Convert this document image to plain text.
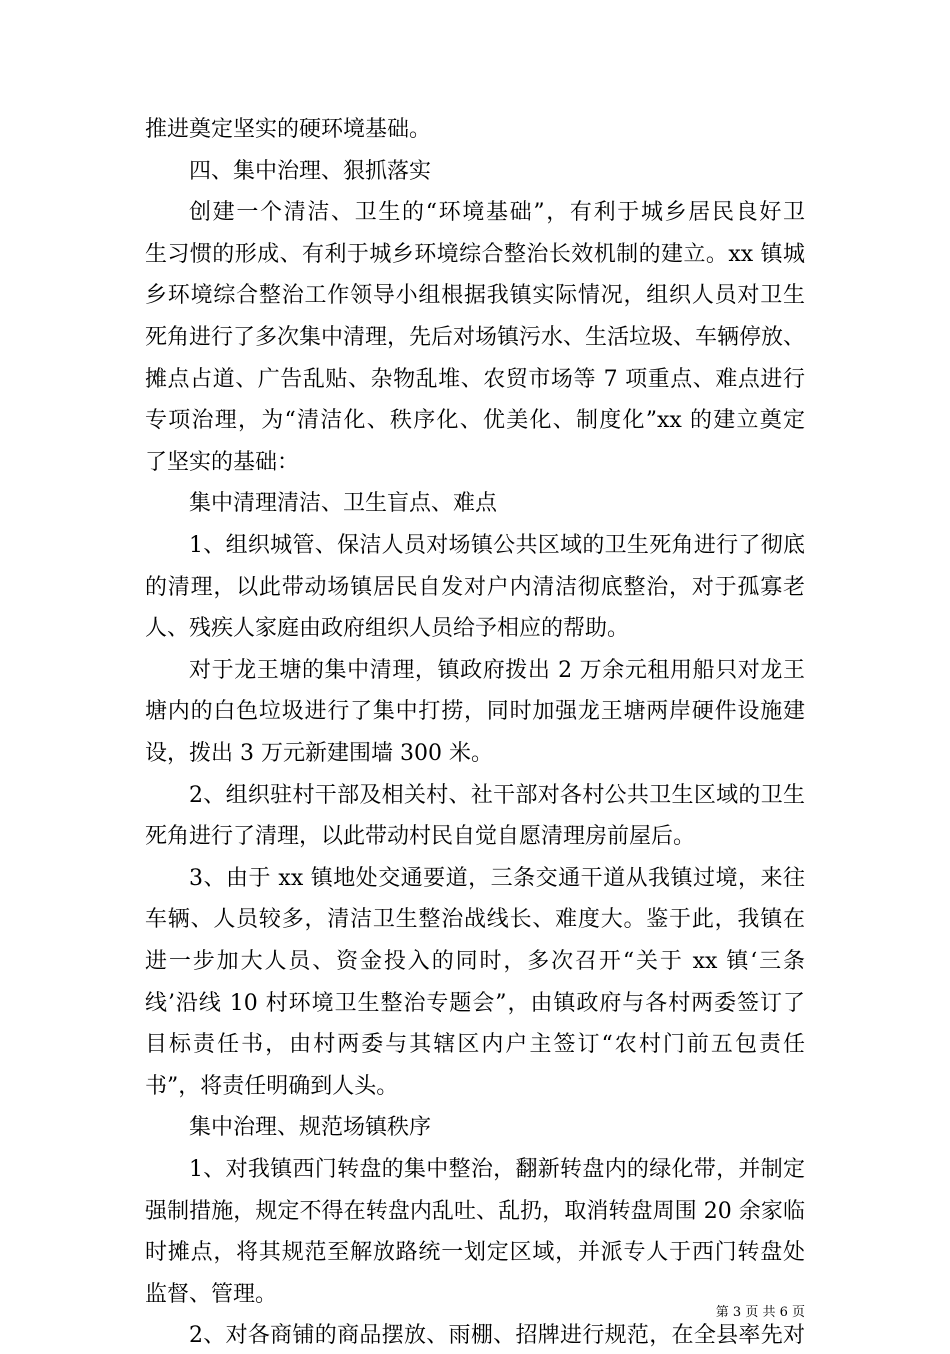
推进奠定坚实的硬环境基础。
四、集中治理、狠抓落实
创建一个清洁、卫生的“环境基础”，有利于城乡居民良好卫
生习惯的形成、有利于城乡环境综合整治长效机制的建立。xx 镇城
乡环境综合整治工作领导小组根据我镇实际情况，组织人员对卫生
死角进行了多次集中清理，先后对场镇污水、生活垃圾、车辆停放、
摊点占道、广告乱贴、杂物乱堆、农贸市场等 7 项重点、难点进行
专项治理，为“清洁化、秩序化、优美化、制度化”xx 的建立奠定
了坚实的基础：
集中清理清洁、卫生盲点、难点
1、组织城管、保洁人员对场镇公共区域的卫生死角进行了彻底
的清理，以此带动场镇居民自发对户内清洁彻底整治，对于孤寡老
人、残疾人家庭由政府组织人员给予相应的帮助。
对于龙王塘的集中清理，镇政府拨出 2 万余元租用船只对龙王
塘内的白色垃圾进行了集中打捞，同时加强龙王塘两岸硬件设施建
设，拨出 3 万元新建围墙 300 米。
2、组织驻村干部及相关村、社干部对各村公共卫生区域的卫生
死角进行了清理，以此带动村民自觉自愿清理房前屋后。
3、由于 xx 镇地处交通要道，三条交通干道从我镇过境，来往
车辆、人员较多，清洁卫生整治战线长、难度大。鉴于此，我镇在
进一步加大人员、资金投入的同时，多次召开“关于 xx 镇‘三条
线’沿线 10 村环境卫生整治专题会”，由镇政府与各村两委签订了
目标责任书，由村两委与其辖区内户主签订“农村门前五包责任
书”，将责任明确到人头。
集中治理、规范场镇秩序
1、对我镇西门转盘的集中整治，翻新转盘内的绿化带，并制定
强制措施，规定不得在转盘内乱吐、乱扔，取消转盘周围 20 余家临
时摊点，将其规范至解放路统一划定区域，并派专人于西门转盘处
监督、管理。
2、对各商铺的商品摆放、雨棚、招牌进行规范，在全县率先对
第 3 页 共 6 页
